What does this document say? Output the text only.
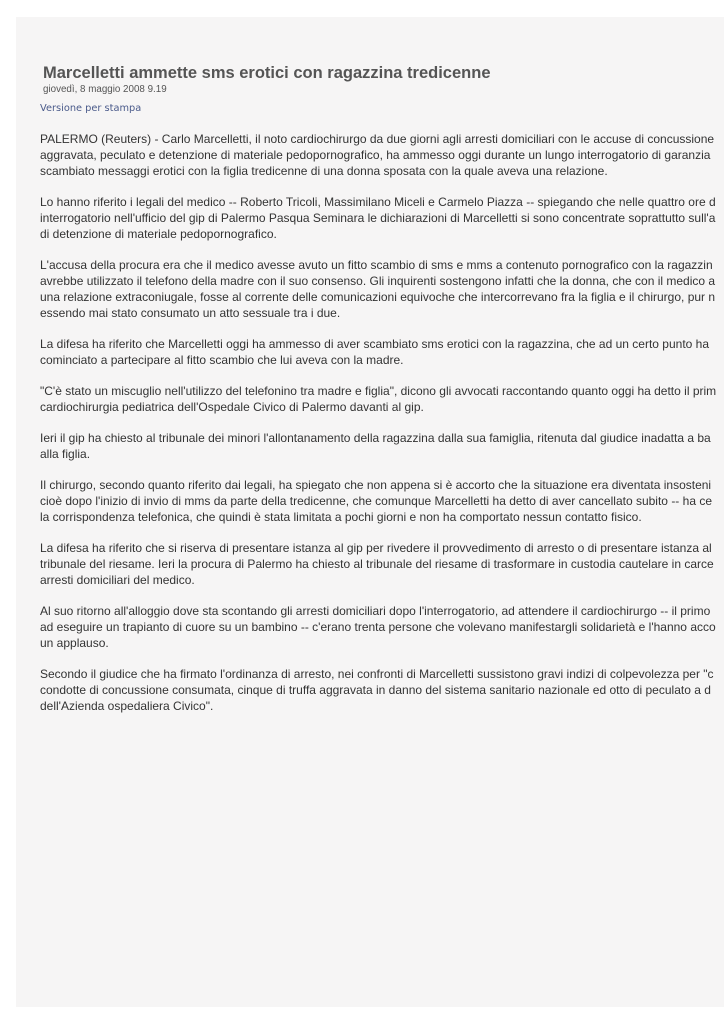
Marcelletti ammette sms erotici con ragazzina tredicenne
giovedì, 8 maggio 2008 9.19
Versione per stampa

PALERMO (Reuters) - Carlo Marcelletti, il noto cardiochirurgo da due giorni agli arresti domiciliari con le accuse di concussione
aggravata, peculato e detenzione di materiale pedopornografico, ha ammesso oggi durante un lungo interrogatorio di garanzia
scambiato messaggi erotici con la figlia tredicenne di una donna sposata con la quale aveva una relazione.

Lo hanno riferito i legali del medico -- Roberto Tricoli, Massimilano Miceli e Carmelo Piazza -- spiegando che nelle quattro ore d
interrogatorio nell'ufficio del gip di Palermo Pasqua Seminara le dichiarazioni di Marcelletti si sono concentrate soprattutto sull'a
di detenzione di materiale pedopornografico.

L'accusa della procura era che il medico avesse avuto un fitto scambio di sms e mms a contenuto pornografico con la ragazzin
avrebbe utilizzato il telefono della madre con il suo consenso. Gli inquirenti sostengono infatti che la donna, che con il medico a
una relazione extraconiugale, fosse al corrente delle comunicazioni equivoche che intercorrevano fra la figlia e il chirurgo, pur n
essendo mai stato consumato un atto sessuale tra i due.

La difesa ha riferito che Marcelletti oggi ha ammesso di aver scambiato sms erotici con la ragazzina, che ad un certo punto ha
cominciato a partecipare al fitto scambio che lui aveva con la madre.

"C'è stato un miscuglio nell'utilizzo del telefonino tra madre e figlia", dicono gli avvocati raccontando quanto oggi ha detto il prim
cardiochirurgia pediatrica dell'Ospedale Civico di Palermo davanti al gip.

Ieri il gip ha chiesto al tribunale dei minori l'allontanamento della ragazzina dalla sua famiglia, ritenuta dal giudice inadatta a ba
alla figlia.

Il chirurgo, secondo quanto riferito dai legali, ha spiegato che non appena si è accorto che la situazione era diventata insosteni
cioè dopo l'inizio di invio di mms da parte della tredicenne, che comunque Marcelletti ha detto di aver cancellato subito -- ha ce
la corrispondenza telefonica, che quindi è stata limitata a pochi giorni e non ha comportato nessun contatto fisico.

La difesa ha riferito che si riserva di presentare istanza al gip per rivedere il provvedimento di arresto o di presentare istanza al
tribunale del riesame. Ieri la procura di Palermo ha chiesto al tribunale del riesame di trasformare in custodia cautelare in carce
arresti domiciliari del medico.

Al suo ritorno all'alloggio dove sta scontando gli arresti domiciliari dopo l'interrogatorio, ad attendere il cardiochirurgo -- il primo
ad eseguire un trapianto di cuore su un bambino -- c'erano trenta persone che volevano manifestargli solidarietà e l'hanno acco
un applauso.

Secondo il giudice che ha firmato l'ordinanza di arresto, nei confronti di Marcelletti sussistono gravi indizi di colpevolezza per "c
condotte di concussione consumata, cinque di truffa aggravata in danno del sistema sanitario nazionale ed otto di peculato a d
dell'Azienda ospedaliera Civico".
